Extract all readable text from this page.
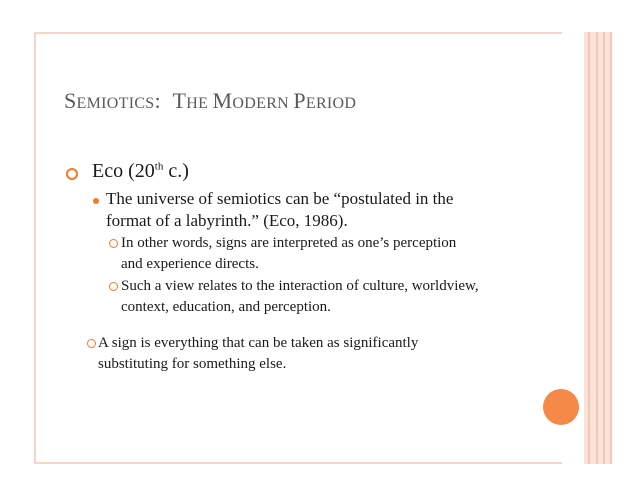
SEMIOTICS: THE MODERN PERIOD
Eco (20th c.)
The universe of semiotics can be “postulated in the
format of a labyrinth.” (Eco, 1986).
In other words, signs are interpreted as one’s perception
and experience directs.
Such a view relates to the interaction of culture, worldview,
context, education, and perception.
A sign is everything that can be taken as significantly
substituting for something else.
